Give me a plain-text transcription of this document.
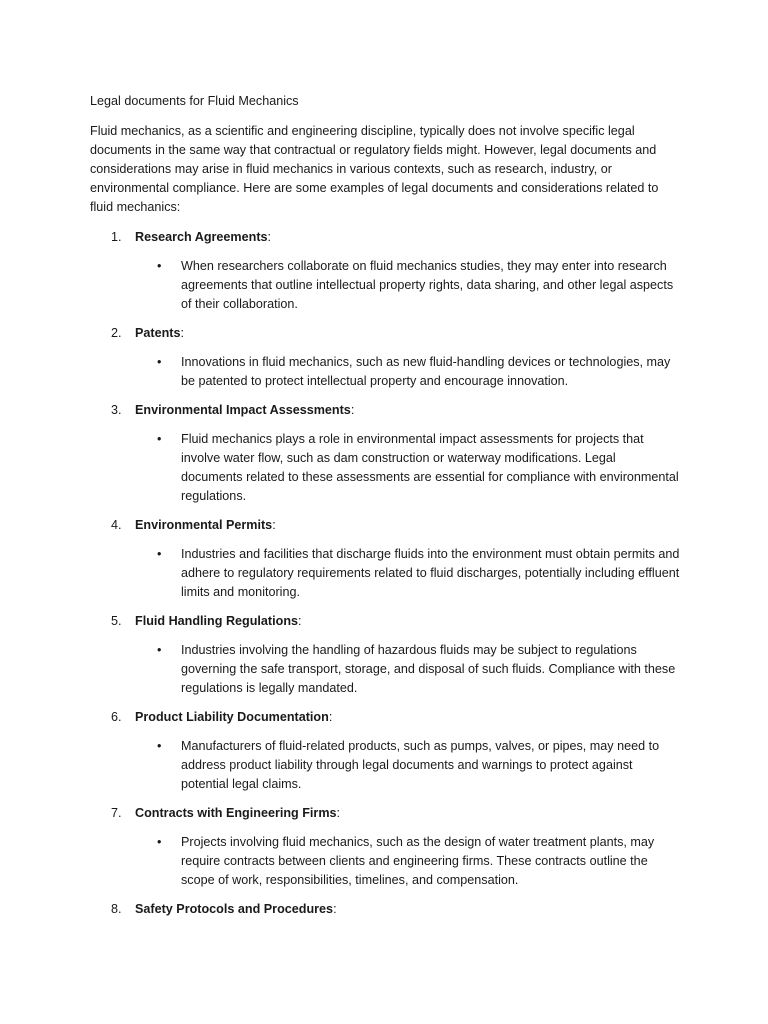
Legal documents for Fluid Mechanics

Fluid mechanics, as a scientific and engineering discipline, typically does not involve specific legal documents in the same way that contractual or regulatory fields might. However, legal documents and considerations may arise in fluid mechanics in various contexts, such as research, industry, or environmental compliance. Here are some examples of legal documents and considerations related to fluid mechanics:

1. Research Agreements:
• When researchers collaborate on fluid mechanics studies, they may enter into research agreements that outline intellectual property rights, data sharing, and other legal aspects of their collaboration.
2. Patents:
• Innovations in fluid mechanics, such as new fluid-handling devices or technologies, may be patented to protect intellectual property and encourage innovation.
3. Environmental Impact Assessments:
• Fluid mechanics plays a role in environmental impact assessments for projects that involve water flow, such as dam construction or waterway modifications. Legal documents related to these assessments are essential for compliance with environmental regulations.
4. Environmental Permits:
• Industries and facilities that discharge fluids into the environment must obtain permits and adhere to regulatory requirements related to fluid discharges, potentially including effluent limits and monitoring.
5. Fluid Handling Regulations:
• Industries involving the handling of hazardous fluids may be subject to regulations governing the safe transport, storage, and disposal of such fluids. Compliance with these regulations is legally mandated.
6. Product Liability Documentation:
• Manufacturers of fluid-related products, such as pumps, valves, or pipes, may need to address product liability through legal documents and warnings to protect against potential legal claims.
7. Contracts with Engineering Firms:
• Projects involving fluid mechanics, such as the design of water treatment plants, may require contracts between clients and engineering firms. These contracts outline the scope of work, responsibilities, timelines, and compensation.
8. Safety Protocols and Procedures:
